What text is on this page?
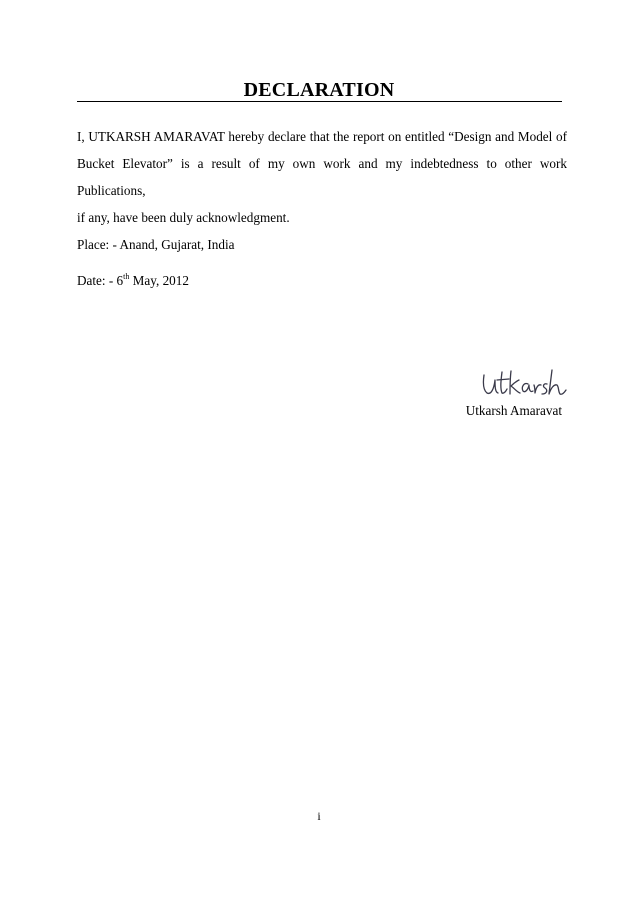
DECLARATION
I, UTKARSH AMARAVAT hereby declare that the report on entitled “Design and Model of
Bucket Elevator” is a result of my own work and my indebtedness to other work Publications,
if any, have been duly acknowledgment.
Place: - Anand, Gujarat, India
Date: - 6th May, 2012
Utkarsh Amaravat
i
